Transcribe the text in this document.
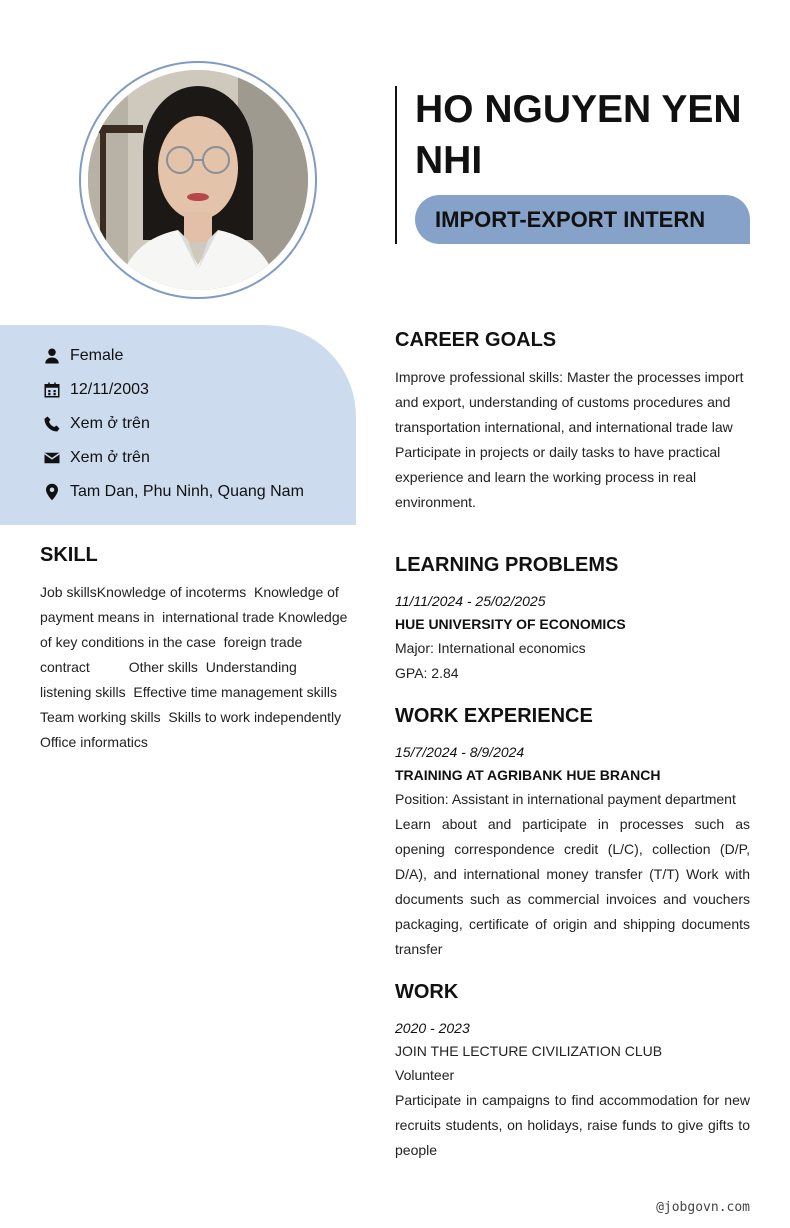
HO NGUYEN YEN NHI
IMPORT-EXPORT INTERN
Female
12/11/2003
Xem ở trên
Xem ở trên
Tam Dan, Phu Ninh, Quang Nam
SKILL
Job skillsKnowledge of incoterms  Knowledge of payment means in  international trade Knowledge of key conditions in the case  foreign trade contract          Other skills  Understanding listening skills  Effective time management skills  Team working skills  Skills to work independently  Office informatics
CAREER GOALS
Improve professional skills: Master the processes import and export, understanding of customs procedures and transportation international, and international trade law Participate in projects or daily tasks to have practical experience and learn the working process in real environment.
LEARNING PROBLEMS
11/11/2024 - 25/02/2025
HUE UNIVERSITY OF ECONOMICS
Major: International economics
GPA: 2.84
WORK EXPERIENCE
15/7/2024 - 8/9/2024
TRAINING AT AGRIBANK HUE BRANCH
Position: Assistant in international payment department
Learn about and participate in processes such as opening correspondence credit (L/C), collection (D/P, D/A), and international money transfer (T/T) Work with documents such as commercial invoices and vouchers packaging, certificate of origin and shipping documents transfer
WORK
2020 - 2023
JOIN THE LECTURE CIVILIZATION CLUB
Volunteer
Participate in campaigns to find accommodation for new recruits students, on holidays, raise funds to give gifts to people
@jobgovn.com
